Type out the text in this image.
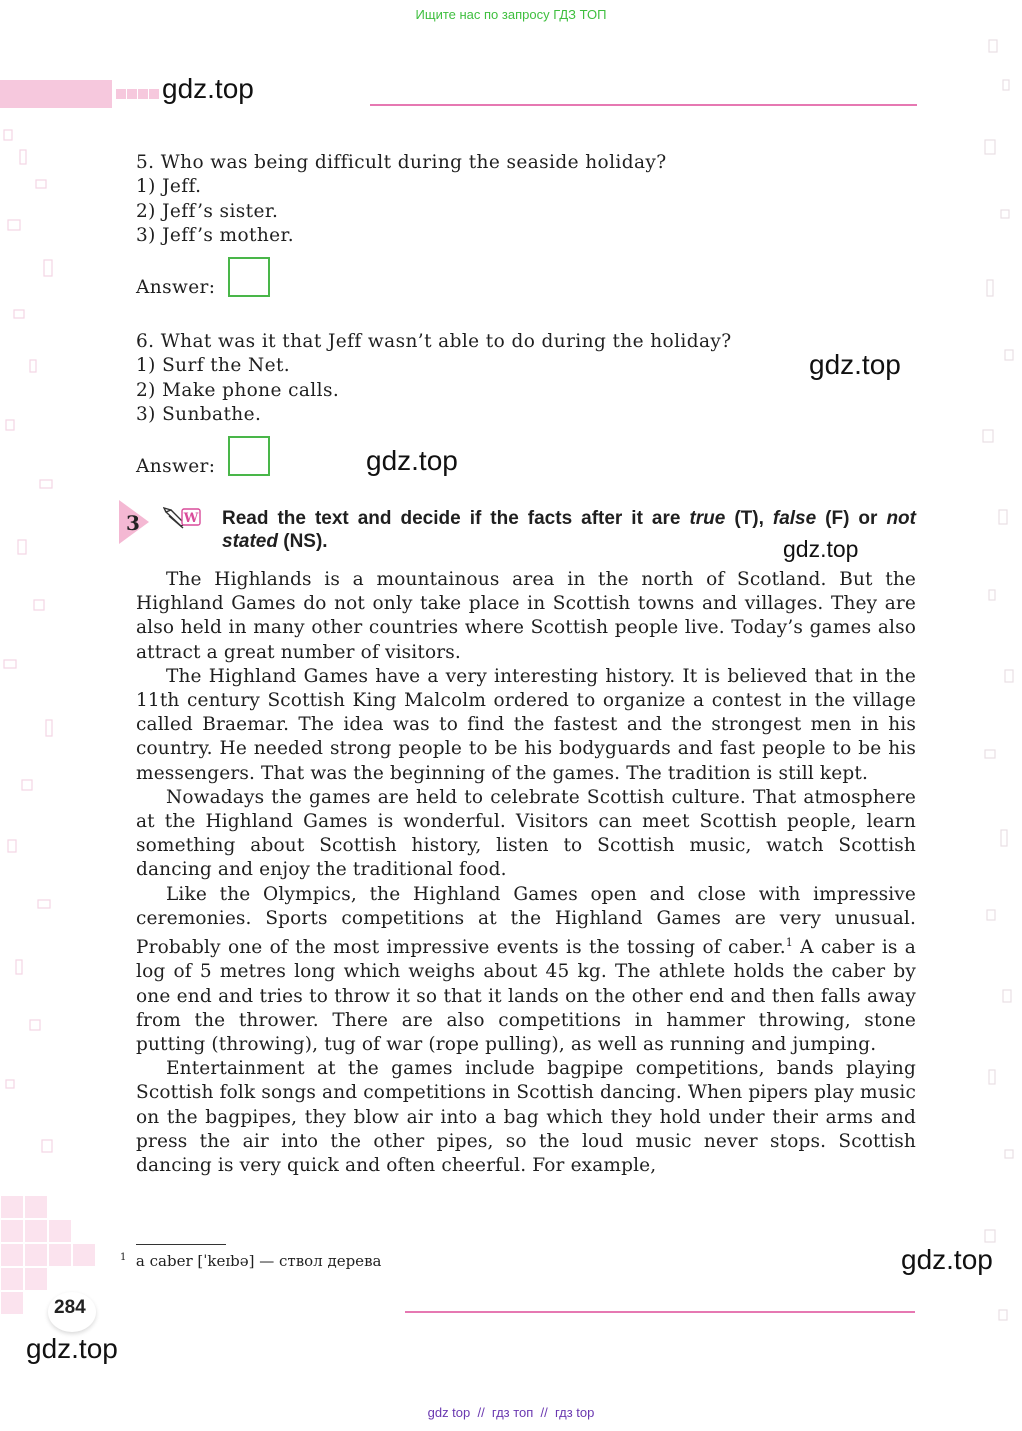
Ищите нас по запросу ГДЗ ТОП
gdz.top
5. Who was being difficult during the seaside holiday?
1) Jeff.
2) Jeff’s sister.
3) Jeff’s mother.
Answer:
6. What was it that Jeff wasn’t able to do during the holiday?
1) Surf the Net.
2) Make phone calls.
3) Sunbathe.
gdz.top
Answer:	gdz.top
3	W Read the text and decide if the facts after it are true (T), false (F) or not stated (NS).	gdz.top

The Highlands is a mountainous area in the north of Scotland. But the Highland Games do not only take place in Scottish towns and villages. They are also held in many other countries where Scottish people live. Today’s games also attract a great number of visitors.

The Highland Games have a very interesting history. It is believed that in the 11th century Scottish King Malcolm ordered to organize a contest in the village called Braemar. The idea was to find the fastest and the strongest men in his country. He needed strong people to be his bodyguards and fast people to be his messengers. That was the beginning of the games. The tradition is still kept.

Nowadays the games are held to celebrate Scottish culture. That atmosphere at the Highland Games is wonderful. Visitors can meet Scottish people, learn something about Scottish history, listen to Scottish music, watch Scottish dancing and enjoy the traditional food.

Like the Olympics, the Highland Games open and close with impressive ceremonies. Sports competitions at the Highland Games are very unusual. Probably one of the most impressive events is the tossing of caber.$^1$ A caber is a log of 5 metres long which weighs about 45 kg. The athlete holds the caber by one end and tries to throw it so that it lands on the other end and then falls away from the thrower. There are also competitions in hammer throwing, stone putting (throwing), tug of war (rope pulling), as well as running and jumping.

Entertainment at the games include bagpipe competitions, bands playing Scottish folk songs and competitions in Scottish dancing. When pipers play music on the bagpipes, they blow air into a bag which they hold under their arms and press the air into the other pipes, so the loud music never stops. Scottish dancing is very quick and often cheerful. For example,

$^1$ a caber [ˈkeɪbə] — ствол дерева	gdz.top
284
gdz.top
gdz top  //  гдз топ  //  гдз top
